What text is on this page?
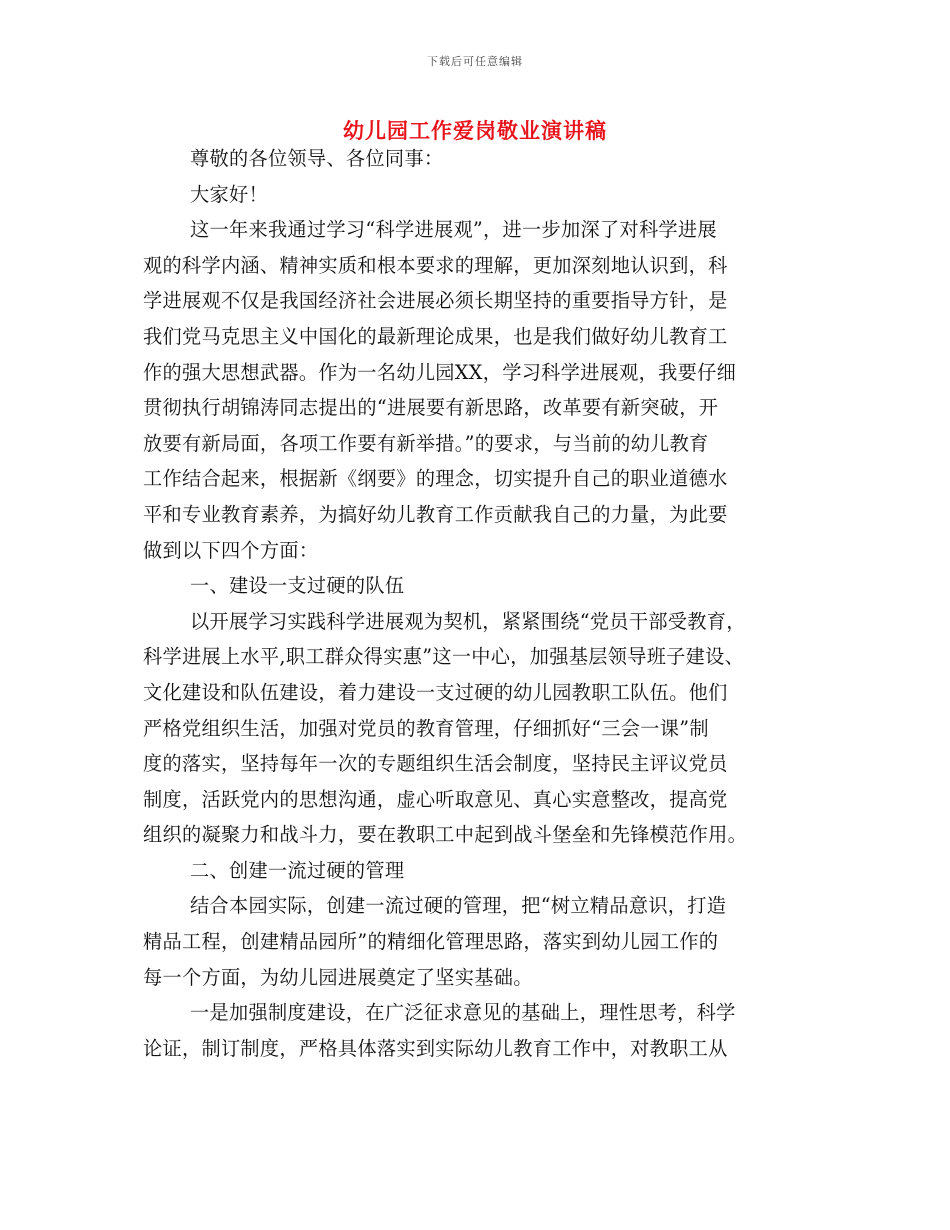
下载后可任意编辑
幼儿园工作爱岗敬业演讲稿
尊敬的各位领导、各位同事：
大家好！
这一年来我通过学习“科学进展观”，进一步加深了对科学进展
观的科学内涵、精神实质和根本要求的理解，更加深刻地认识到，科
学进展观不仅是我国经济社会进展必须长期坚持的重要指导方针，是
我们党马克思主义中国化的最新理论成果，也是我们做好幼儿教育工
作的强大思想武器。作为一名幼儿园XX，学习科学进展观，我要仔细
贯彻执行胡锦涛同志提出的“进展要有新思路，改革要有新突破，开
放要有新局面，各项工作要有新举措。”的要求，与当前的幼儿教育
工作结合起来，根据新《纲要》的理念，切实提升自己的职业道德水
平和专业教育素养，为搞好幼儿教育工作贡献我自己的力量，为此要
做到以下四个方面：
一、建设一支过硬的队伍
以开展学习实践科学进展观为契机，紧紧围绕“党员干部受教育，
科学进展上水平,职工群众得实惠”这一中心，加强基层领导班子建设、
文化建设和队伍建设，着力建设一支过硬的幼儿园教职工队伍。他们
严格党组织生活，加强对党员的教育管理，仔细抓好“三会一课”制
度的落实，坚持每年一次的专题组织生活会制度，坚持民主评议党员
制度，活跃党内的思想沟通，虚心听取意见、真心实意整改，提高党
组织的凝聚力和战斗力，要在教职工中起到战斗堡垒和先锋模范作用。
二、创建一流过硬的管理
结合本园实际，创建一流过硬的管理，把“树立精品意识，打造
精品工程，创建精品园所”的精细化管理思路，落实到幼儿园工作的
每一个方面，为幼儿园进展奠定了坚实基础。
一是加强制度建设，在广泛征求意见的基础上，理性思考，科学
论证，制订制度，严格具体落实到实际幼儿教育工作中，对教职工从
